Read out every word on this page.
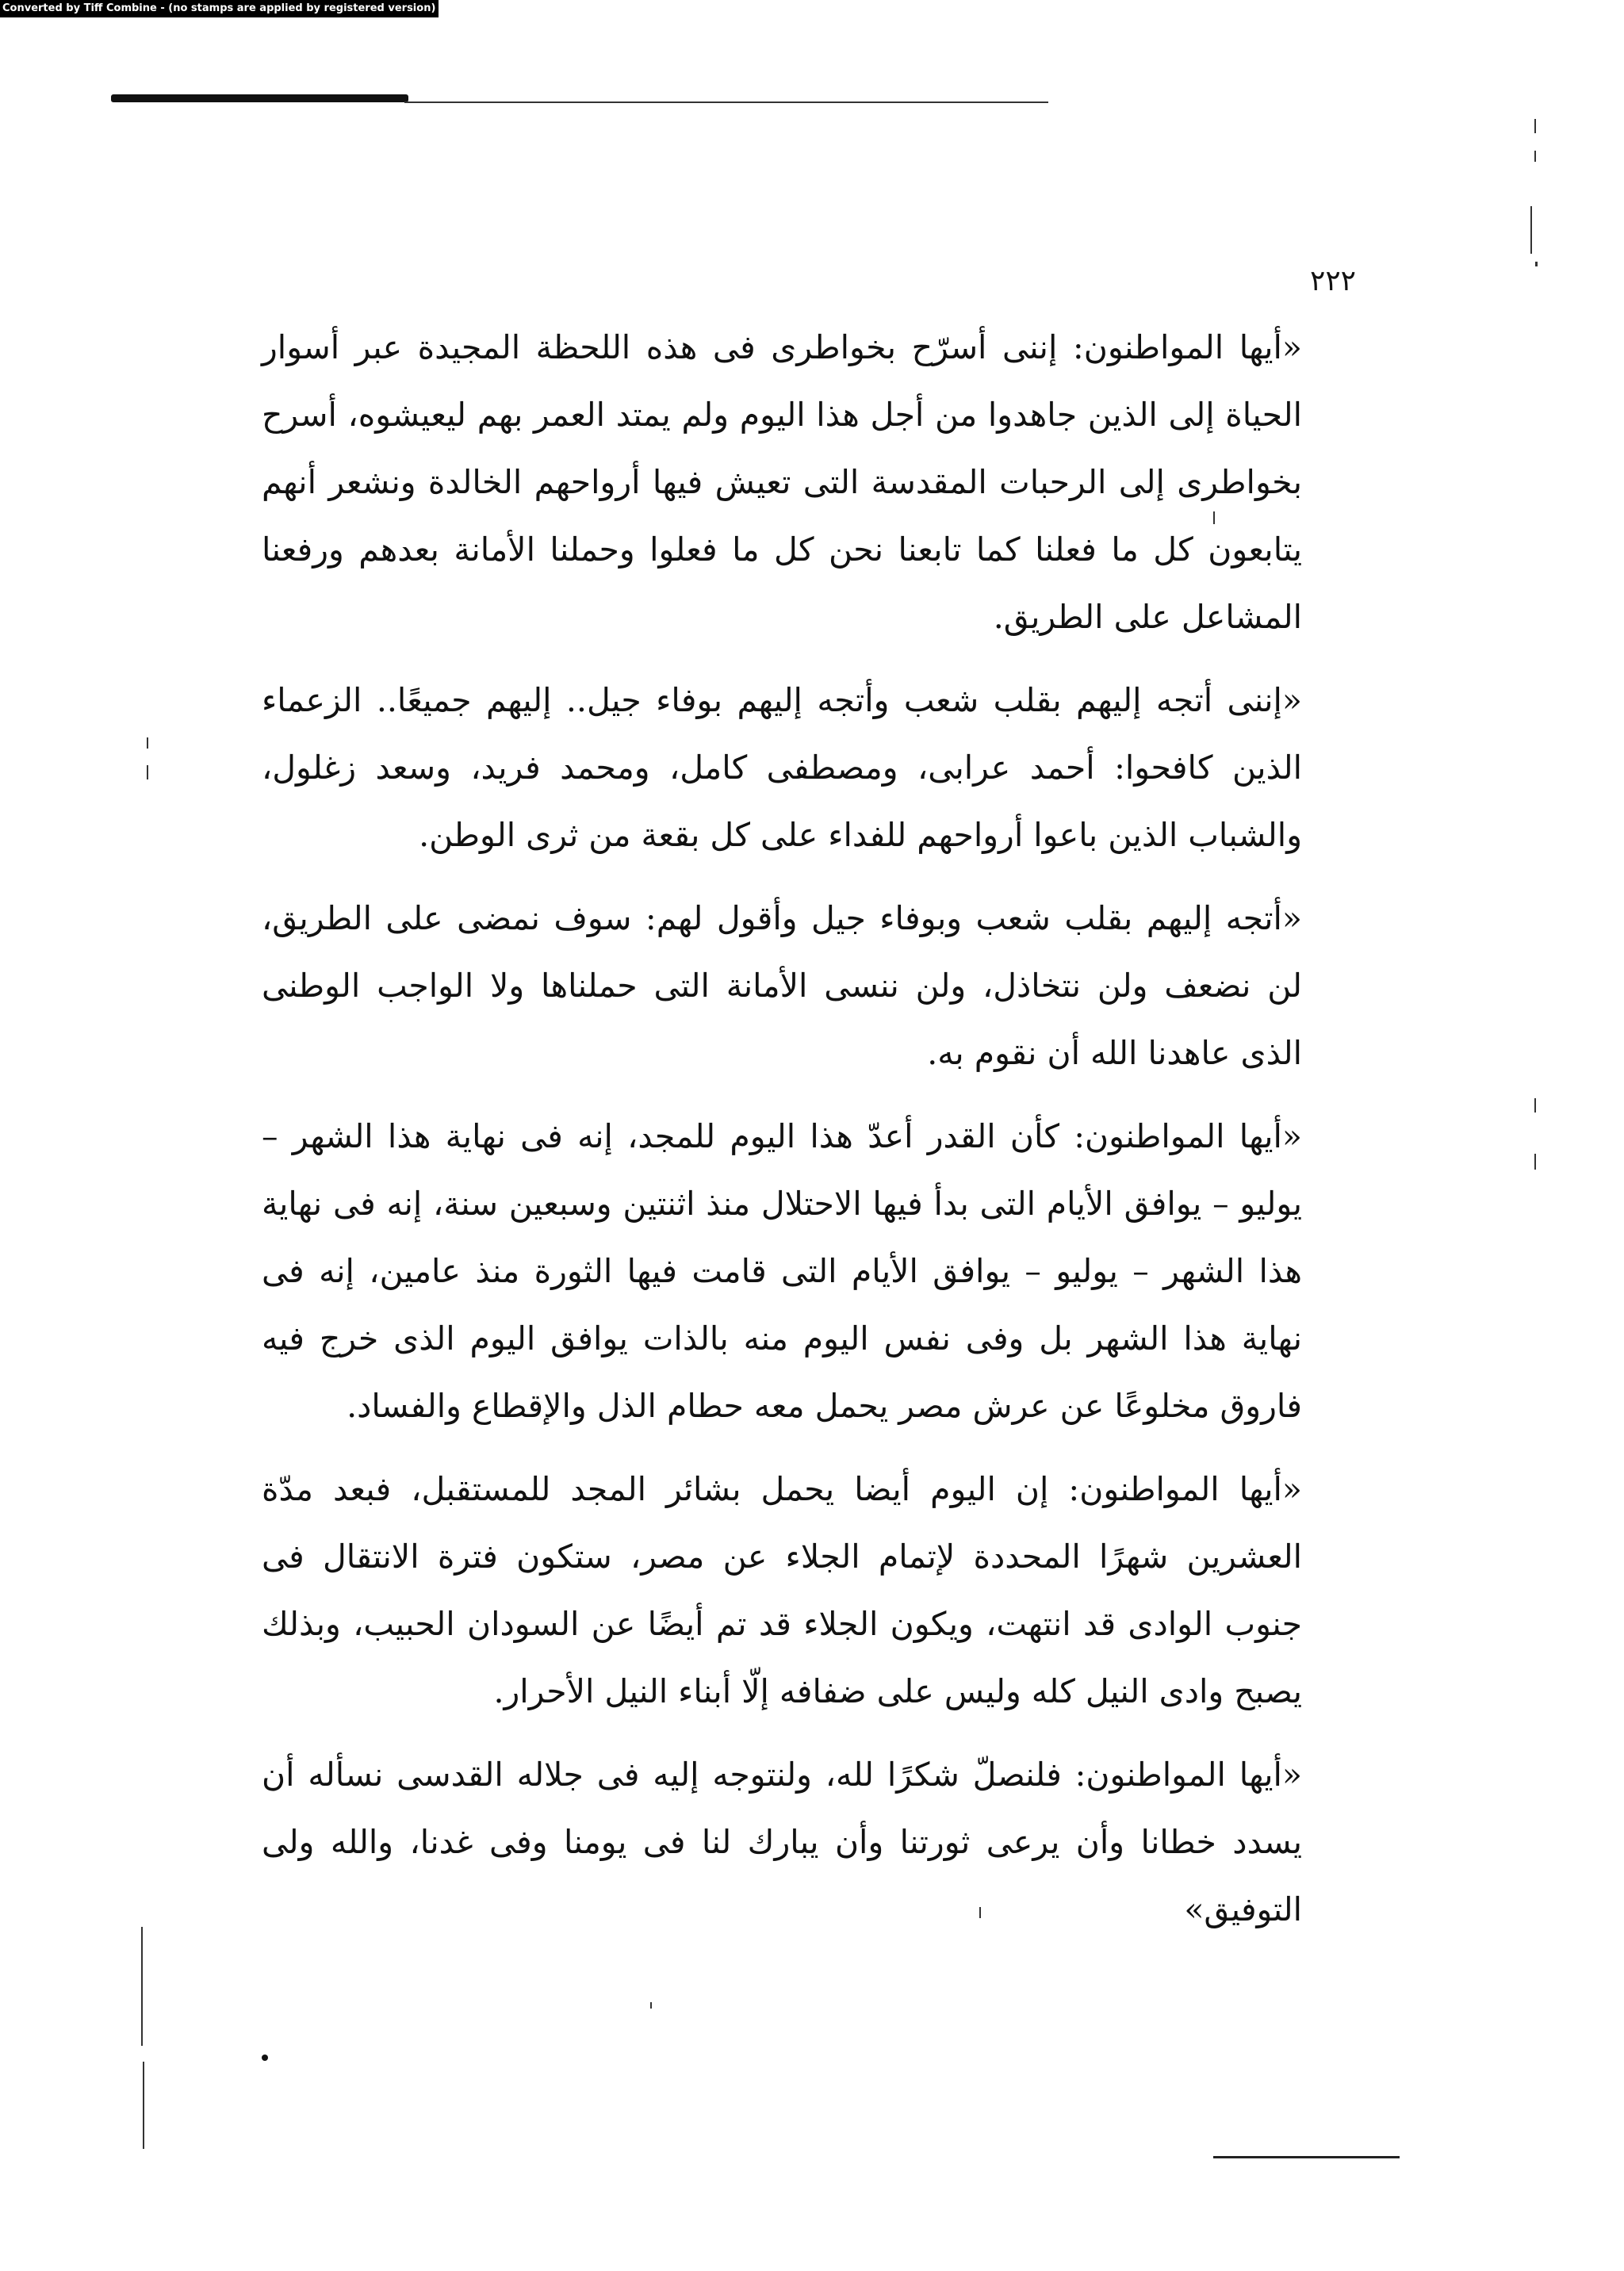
Converted by Tiff Combine - (no stamps are applied by registered version)
٢٢٢

«أيها المواطنون: إننى أسرّح بخواطرى فى هذه اللحظة المجيدة عبر أسوار الحياة إلى الذين جاهدوا من أجل هذا اليوم ولم يمتد العمر بهم ليعيشوه، أسرح بخواطرى إلى الرحبات المقدسة التى تعيش فيها أرواحهم الخالدة ونشعر أنهم يتابعون كل ما فعلنا كما تابعنا نحن كل ما فعلوا وحملنا الأمانة بعدهم ورفعنا المشاعل على الطريق.

«إننى أتجه إليهم بقلب شعب وأتجه إليهم بوفاء جيل.. إليهم جميعًا.. الزعماء الذين كافحوا: أحمد عرابى، ومصطفى كامل، ومحمد فريد، وسعد زغلول، والشباب الذين باعوا أرواحهم للفداء على كل بقعة من ثرى الوطن.

«أتجه إليهم بقلب شعب وبوفاء جيل وأقول لهم: سوف نمضى على الطريق، لن نضعف ولن نتخاذل، ولن ننسى الأمانة التى حملناها ولا الواجب الوطنى الذى عاهدنا الله أن نقوم به.

«أيها المواطنون: كأن القدر أعدّ هذا اليوم للمجد، إنه فى نهاية هذا الشهر – يوليو – يوافق الأيام التى بدأ فيها الاحتلال منذ اثنتين وسبعين سنة، إنه فى نهاية هذا الشهر – يوليو – يوافق الأيام التى قامت فيها الثورة منذ عامين، إنه فى نهاية هذا الشهر بل وفى نفس اليوم منه بالذات يوافق اليوم الذى خرج فيه فاروق مخلوعًا عن عرش مصر يحمل معه حطام الذل والإقطاع والفساد.

«أيها المواطنون: إن اليوم أيضا يحمل بشائر المجد للمستقبل، فبعد مدّة العشرين شهرًا المحددة لإتمام الجلاء عن مصر، ستكون فترة الانتقال فى جنوب الوادى قد انتهت، ويكون الجلاء قد تم أيضًا عن السودان الحبيب، وبذلك يصبح وادى النيل كله وليس على ضفافه إلّا أبناء النيل الأحرار.

«أيها المواطنون: فلنصلّ شكرًا لله، ولنتوجه إليه فى جلاله القدسى نسأله أن يسدد خطانا وأن يرعى ثورتنا وأن يبارك لنا فى يومنا وفى غدنا، والله ولى التوفيق»
